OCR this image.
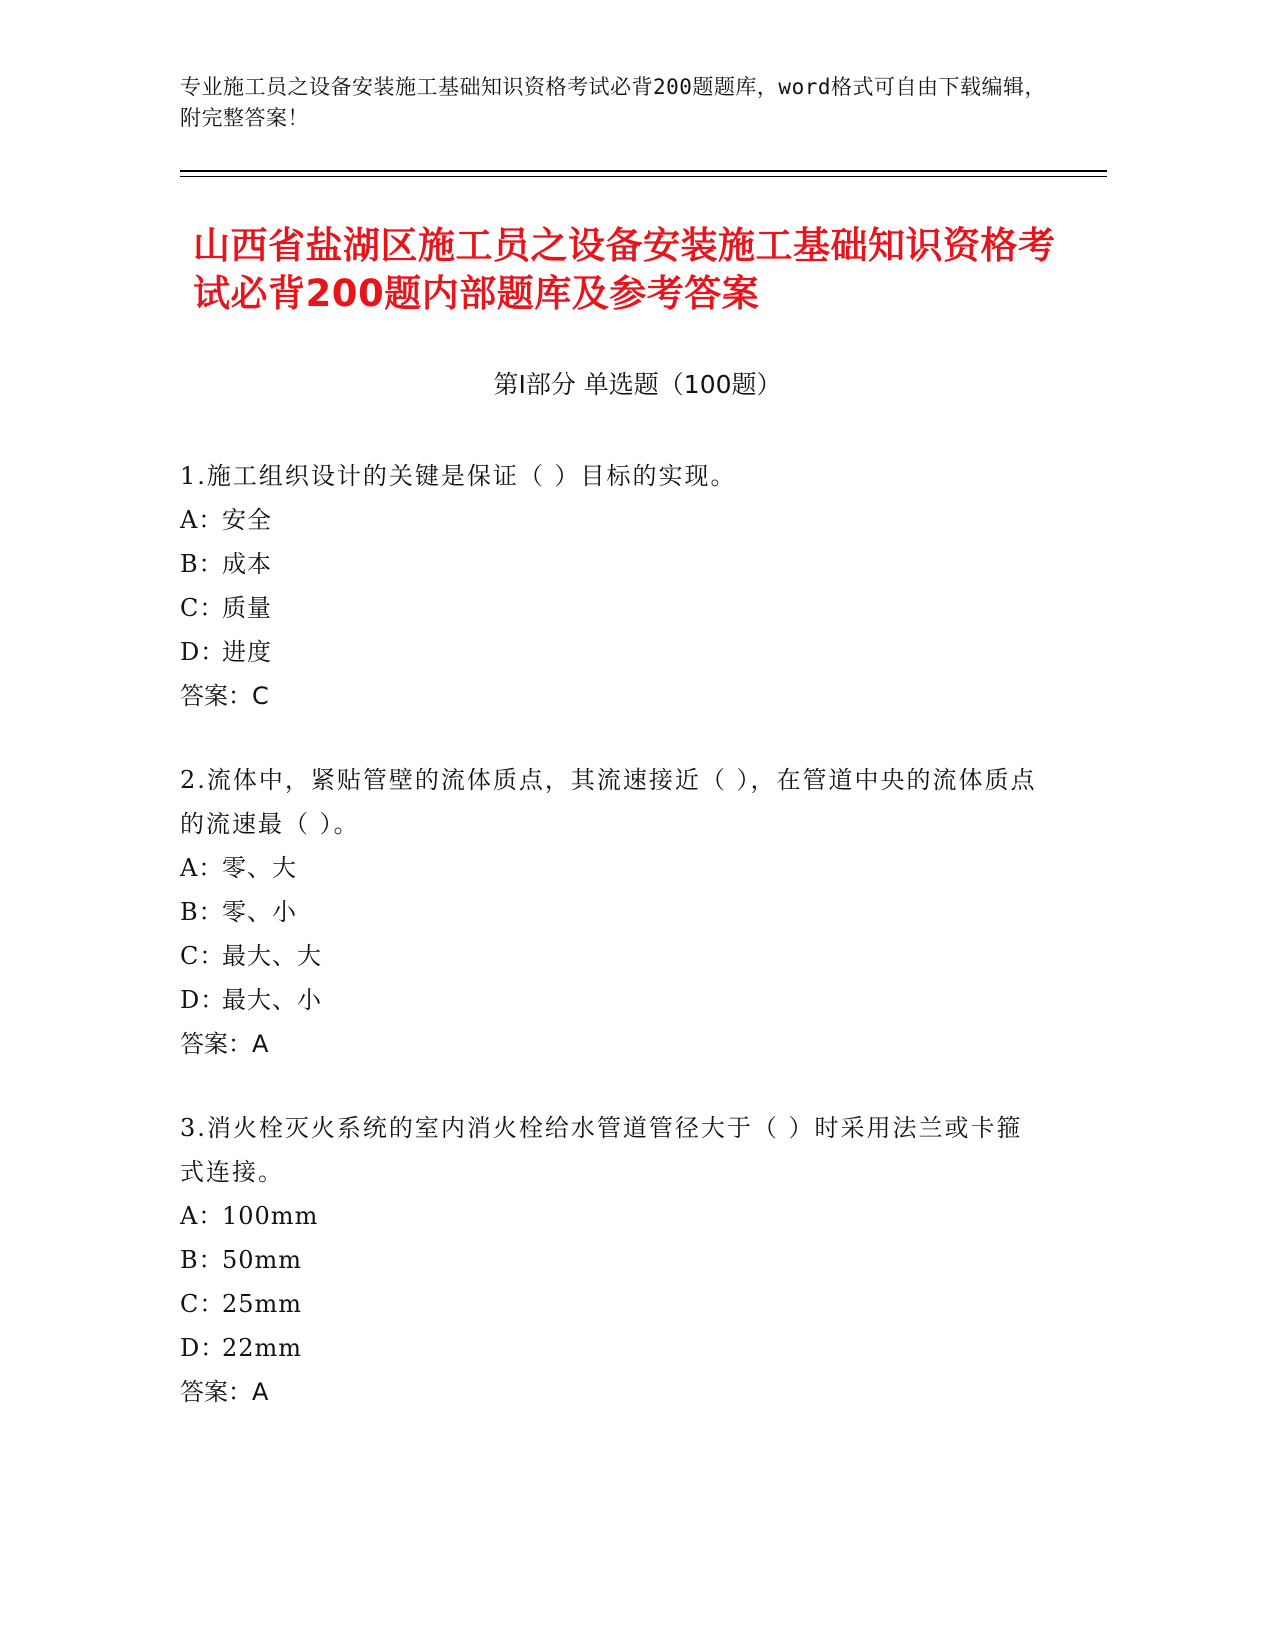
专业施工员之设备安装施工基础知识资格考试必背200题题库，word格式可自由下载编辑，附完整答案！
山西省盐湖区施工员之设备安装施工基础知识资格考试必背200题内部题库及参考答案
第Ⅰ部分 单选题（100题）

1.施工组织设计的关键是保证（ ）目标的实现。

A：安全

B：成本

C：质量

D：进度

答案：C

2.流体中，紧贴管壁的流体质点，其流速接近（ ），在管道中央的流体质点的流速最（ ）。

A：零、大

B：零、小

C：最大、大

D：最大、小

答案：A

3.消火栓灭火系统的室内消火栓给水管道管径大于（ ）时采用法兰或卡箍式连接。

A：100mm

B：50mm

C：25mm

D：22mm

答案：A
